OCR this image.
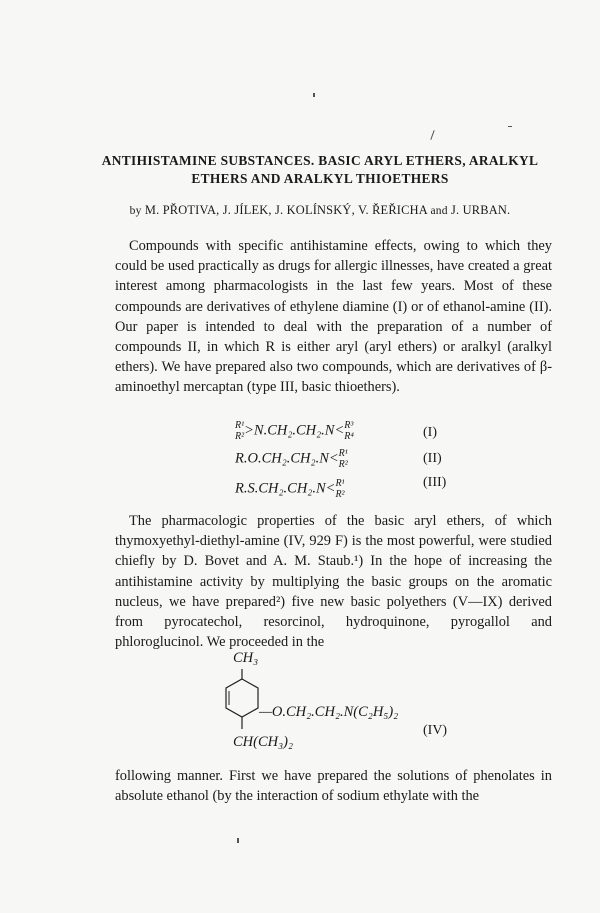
ANTIHISTAMINE SUBSTANCES. BASIC ARYL ETHERS, ARALKYL
ETHERS AND ARALKYL THIOETHERS
by M. PŘOTIVA, J. JÍLEK, J. KOLÍNSKÝ, V. ŘEŘICHA and J. URBAN.

Compounds with specific antihistamine effects, owing to which they could be used practically as drugs for allergic illnesses, have created a great interest among pharmacologists in the last few years. Most of these compounds are derivatives of ethylene diamine (I) or of ethanol-amine (II). Our paper is intended to deal with the preparation of a number of compounds II, in which R is either aryl (aryl ethers) or aralkyl (aralkyl ethers). We have prepared also two compounds, which are derivatives of β-aminoethyl mercaptan (type III, basic thioethers).

R¹
R² >N.CH₂.CH₂.N< R³
R⁴	(I)
R.O.CH₂.CH₂.N< R¹
R²	(II)
R.S.CH₂.CH₂.N< R¹
R²
(III)

The pharmacologic properties of the basic aryl ethers, of which thymoxyethyl-diethyl-amine (IV, 929 F) is the most powerful, were studied chiefly by D. Bovet and A. M. Staub.¹) In the hope of increasing the antihistamine activity by multiplying the basic groups on the aromatic nucleus, we have prepared²) five new basic polyethers (V—IX) derived from pyrocatechol, resorcinol, hydroquinone, pyrogallol and phloroglucinol. We proceeded in the

CH₃
—O.CH₂.CH₂.N(C₂H₅)₂
CH(CH₃)₂
(IV)

following manner. First we have prepared the solutions of phenolates in absolute ethanol (by the interaction of sodium ethylate with the
